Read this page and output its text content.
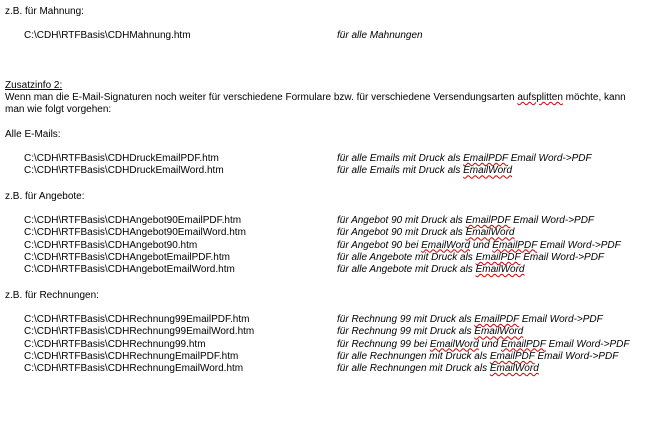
z.B. für Mahnung:
Zusatzinfo 2:
Wenn man die E-Mail-Signaturen noch weiter für verschiedene Formulare bzw. für verschiedene Versendungsarten aufsplitten möchte, kann man wie folgt vorgehen:
Alle E-Mails:
z.B. für Angebote:
z.B. für Rechnungen:
C:\CDH\RTFBasis\CDHMahnung.htm	für alle Mahnungen
C:\CDH\RTFBasis\CDHDruckEmailPDF.htm	für alle Emails mit Druck als EmailPDF Email Word->PDF
C:\CDH\RTFBasis\CDHDruckEmailWord.htm	für alle Emails mit Druck als EmailWord
C:\CDH\RTFBasis\CDHAngebot90EmailPDF.htm	für Angebot 90 mit Druck als EmailPDF Email Word->PDF
C:\CDH\RTFBasis\CDHAngebot90EmailWord.htm	für Angebot 90 mit Druck als EmailWord
C:\CDH\RTFBasis\CDHAngebot90.htm	für Angebot 90 bei EmailWord und EmailPDF Email Word->PDF
C:\CDH\RTFBasis\CDHAngebotEmailPDF.htm	für alle Angebote mit Druck als EmailPDF Email Word->PDF
C:\CDH\RTFBasis\CDHAngebotEmailWord.htm	für alle Angebote mit Druck als EmailWord
C:\CDH\RTFBasis\CDHRechnung99EmailPDF.htm	für Rechnung 99 mit Druck als EmailPDF Email Word->PDF
C:\CDH\RTFBasis\CDHRechnung99EmailWord.htm	für Rechnung 99 mit Druck als EmailWord
C:\CDH\RTFBasis\CDHRechnung99.htm	für Rechnung 99 bei EmailWord und EmailPDF Email Word->PDF
C:\CDH\RTFBasis\CDHRechnungEmailPDF.htm	für alle Rechnungen mit Druck als EmailPDF Email Word->PDF
C:\CDH\RTFBasis\CDHRechnungEmailWord.htm	für alle Rechnungen mit Druck als EmailWord
